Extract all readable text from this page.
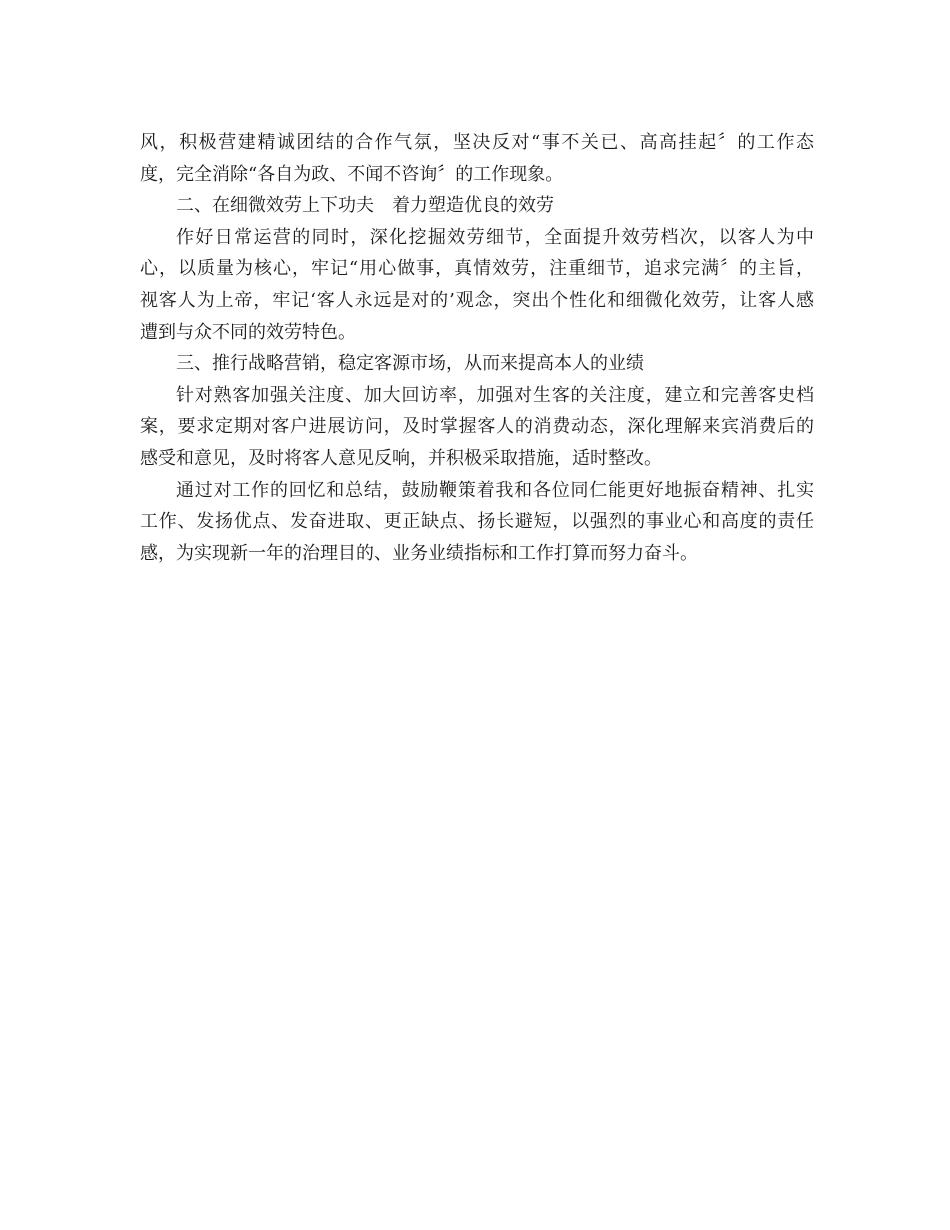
风，积极营建精诚团结的合作气氛，坚决反对“事不关已、高高挂起〞的工作态
度，完全消除“各自为政、不闻不咨询〞的工作现象。
二、在细微效劳上下功夫　着力塑造优良的效劳
作好日常运营的同时，深化挖掘效劳细节，全面提升效劳档次，以客人为中
心，以质量为核心，牢记“用心做事，真情效劳，注重细节，追求完满〞的主旨，
视客人为上帝，牢记‘客人永远是对的’观念，突出个性化和细微化效劳，让客人感
遭到与众不同的效劳特色。
三、推行战略营销，稳定客源市场，从而来提高本人的业绩
针对熟客加强关注度、加大回访率，加强对生客的关注度，建立和完善客史档
案，要求定期对客户进展访问，及时掌握客人的消费动态，深化理解来宾消费后的
感受和意见，及时将客人意见反响，并积极采取措施，适时整改。
通过对工作的回忆和总结，鼓励鞭策着我和各位同仁能更好地振奋精神、扎实
工作、发扬优点、发奋进取、更正缺点、扬长避短，以强烈的事业心和高度的责任
感，为实现新一年的治理目的、业务业绩指标和工作打算而努力奋斗。
